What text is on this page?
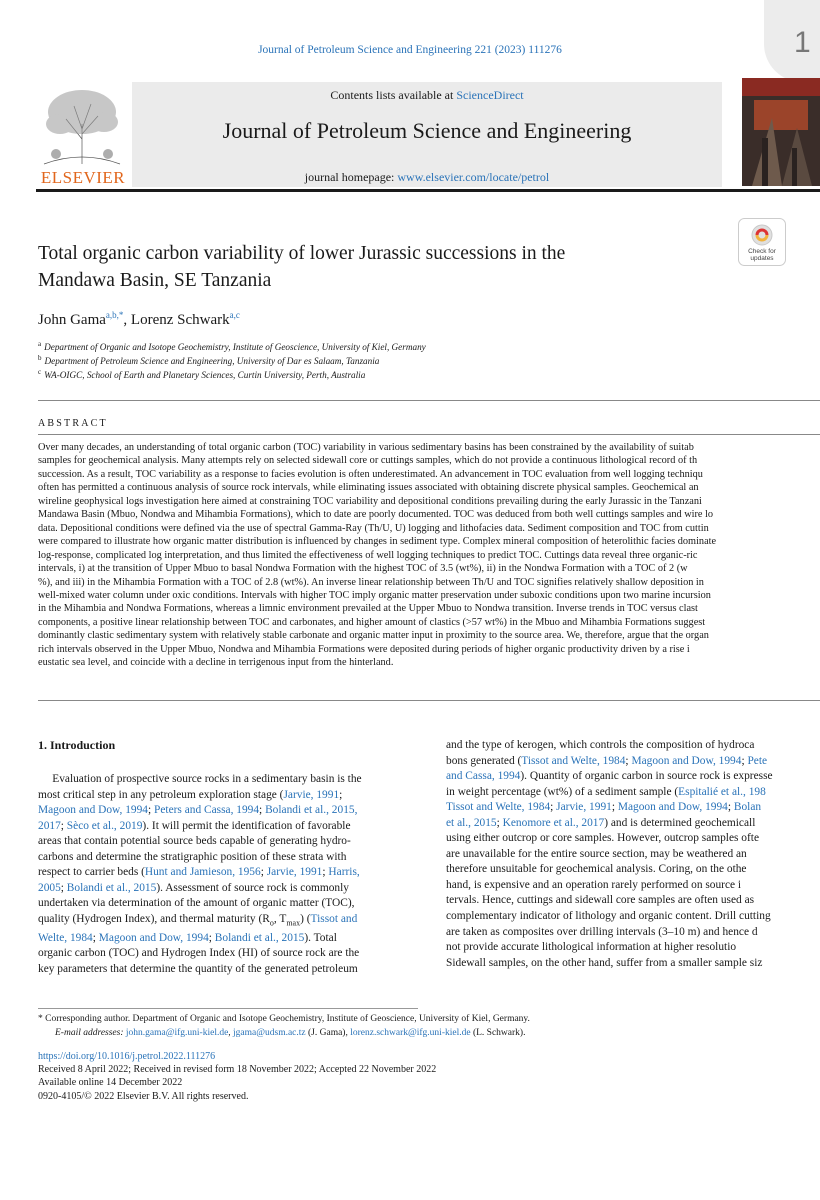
1
Journal of Petroleum Science and Engineering 221 (2023) 111276
ELSEVIER
Contents lists available at ScienceDirect
Journal of Petroleum Science and Engineering
journal homepage: www.elsevier.com/locate/petrol
Check for updates
Total organic carbon variability of lower Jurassic successions in the
Mandawa Basin, SE Tanzania
John Gama$^{a,b,*}$, Lorenz Schwark$^{a,c}$
$^a$ Department of Organic and Isotope Geochemistry, Institute of Geoscience, University of Kiel, Germany
$^b$ Department of Petroleum Science and Engineering, University of Dar es Salaam, Tanzania
$^c$ WA-OIGC, School of Earth and Planetary Sciences, Curtin University, Perth, Australia
ABSTRACT

Over many decades, an understanding of total organic carbon (TOC) variability in various sedimentary basins has been constrained by the availability of suitab

samples for geochemical analysis. Many attempts rely on selected sidewall core or cuttings samples, which do not provide a continuous lithological record of th

succession. As a result, TOC variability as a response to facies evolution is often underestimated. An advancement in TOC evaluation from well logging techniqu

often has permitted a continuous analysis of source rock intervals, while eliminating issues associated with obtaining discrete physical samples. Geochemical an

wireline geophysical logs investigation here aimed at constraining TOC variability and depositional conditions prevailing during the early Jurassic in the Tanzani

Mandawa Basin (Mbuo, Nondwa and Mihambia Formations), which to date are poorly documented. TOC was deduced from both well cuttings samples and wire lo

data. Depositional conditions were defined via the use of spectral Gamma-Ray (Th/U, U) logging and lithofacies data. Sediment composition and TOC from cuttin

were compared to illustrate how organic matter distribution is influenced by changes in sediment type. Complex mineral composition of heterolithic facies dominate

log-response, complicated log interpretation, and thus limited the effectiveness of well logging techniques to predict TOC. Cuttings data reveal three organic-ric

intervals, i) at the transition of Upper Mbuo to basal Nondwa Formation with the highest TOC of 3.5 (wt%), ii) in the Nondwa Formation with a TOC of 2 (w

%), and iii) in the Mihambia Formation with a TOC of 2.8 (wt%). An inverse linear relationship between Th/U and TOC signifies relatively shallow deposition in

well-mixed water column under oxic conditions. Intervals with higher TOC imply organic matter preservation under suboxic conditions upon two marine incursion

in the Mihambia and Nondwa Formations, whereas a limnic environment prevailed at the Upper Mbuo to Nondwa transition. Inverse trends in TOC versus clast

components, a positive linear relationship between TOC and carbonates, and higher amount of clastics (>57 wt%) in the Mbuo and Mihambia Formations suggest

dominantly clastic sedimentary system with relatively stable carbonate and organic matter input in proximity to the source area. We, therefore, argue that the organ

rich intervals observed in the Upper Mbuo, Nondwa and Mihambia Formations were deposited during periods of higher organic productivity driven by a rise i

eustatic sea level, and coincide with a decline in terrigenous input from the hinterland.

1. Introduction

Evaluation of prospective source rocks in a sedimentary basin is the

most critical step in any petroleum exploration stage (Jarvie, 1991;

Magoon and Dow, 1994; Peters and Cassa, 1994; Bolandi et al., 2015,

2017; Sèco et al., 2019). It will permit the identification of favorable

areas that contain potential source beds capable of generating hydro-

carbons and determine the stratigraphic position of these strata with

respect to carrier beds (Hunt and Jamieson, 1956; Jarvie, 1991; Harris,

2005; Bolandi et al., 2015). Assessment of source rock is commonly

undertaken via determination of the amount of organic matter (TOC),

quality (Hydrogen Index), and thermal maturity ($R_o$, $T_{max}$) (Tissot and

Welte, 1984; Magoon and Dow, 1994; Bolandi et al., 2015). Total

organic carbon (TOC) and Hydrogen Index (HI) of source rock are the

key parameters that determine the quantity of the generated petroleum

and the type of kerogen, which controls the composition of hydroca

bons generated (Tissot and Welte, 1984; Magoon and Dow, 1994; Pete

and Cassa, 1994). Quantity of organic carbon in source rock is expresse

in weight percentage (wt%) of a sediment sample (Espitalié et al., 198

Tissot and Welte, 1984; Jarvie, 1991; Magoon and Dow, 1994; Bolan

et al., 2015; Kenomore et al., 2017) and is determined geochemicall

using either outcrop or core samples. However, outcrop samples ofte

are unavailable for the entire source section, may be weathered an

therefore unsuitable for geochemical analysis. Coring, on the othe

hand, is expensive and an operation rarely performed on source i

tervals. Hence, cuttings and sidewall core samples are often used as

complementary indicator of lithology and organic content. Drill cutting

are taken as composites over drilling intervals (3–10 m) and hence d

not provide accurate lithological information at higher resolutio

Sidewall samples, on the other hand, suffer from a smaller sample siz

* Corresponding author. Department of Organic and Isotope Geochemistry, Institute of Geoscience, University of Kiel, Germany.

E-mail addresses: john.gama@ifg.uni-kiel.de, jgama@udsm.ac.tz (J. Gama), lorenz.schwark@ifg.uni-kiel.de (L. Schwark).

https://doi.org/10.1016/j.petrol.2022.111276

Received 8 April 2022; Received in revised form 18 November 2022; Accepted 22 November 2022

Available online 14 December 2022

0920-4105/© 2022 Elsevier B.V. All rights reserved.
